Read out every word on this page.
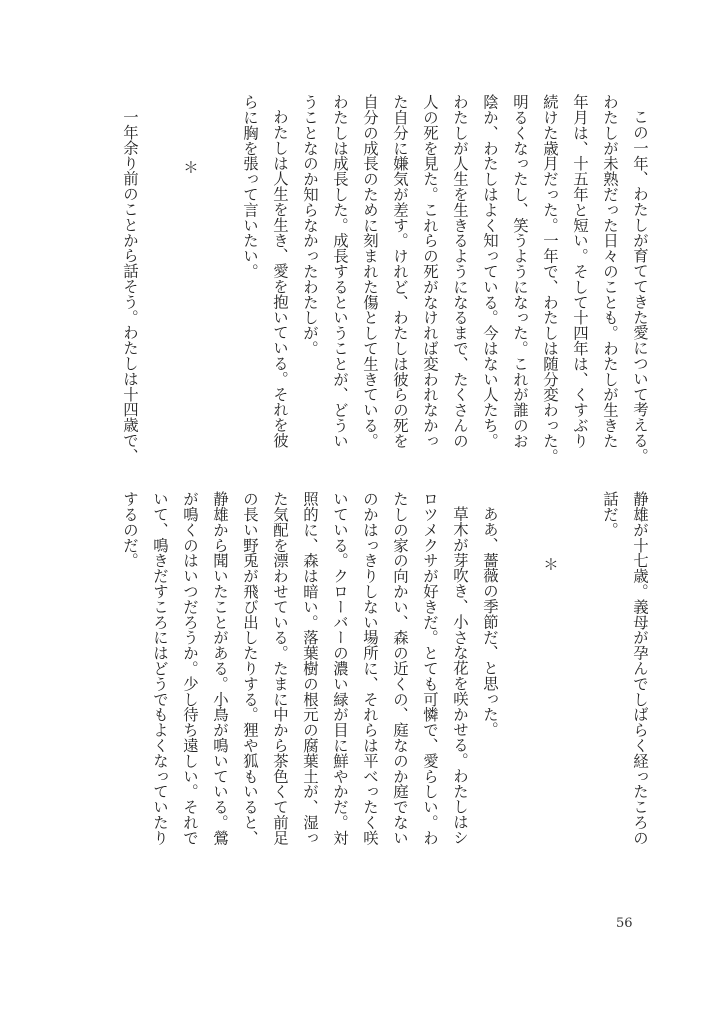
この一年、わたしが育ててきた愛について考える。

わたしが未熟だった日々のことも。わたしが生きた

年月は、十五年と短い。そして十四年は、くすぶり

続けた歳月だった。一年で、わたしは随分変わった。

明るくなったし、笑うようになった。これが誰のお

陰か、わたしはよく知っている。今はない人たち。

わたしが人生を生きるようになるまで、たくさんの

人の死を見た。これらの死がなければ変われなかっ

た自分に嫌気が差す。けれど、わたしは彼らの死を

自分の成長のために刻まれた傷として生きている。

わたしは成長した。成長するということが、どうい

うことなのか知らなかったわたしが。

わたしは人生を生き、愛を抱いている。それを彼

らに胸を張って言いたい。

＊

一年余り前のことから話そう。わたしは十四歳で、

静雄が十七歳。義母が孕んでしばらく経ったころの

話だ。

＊

ああ、薔薇の季節だ、と思った。

草木が芽吹き、小さな花を咲かせる。わたしはシ

ロツメクサが好きだ。とても可憐で、愛らしい。わ

たしの家の向かい、森の近くの、庭なのか庭でない

のかはっきりしない場所に、それらは平べったく咲

いている。クローバーの濃い緑が目に鮮やかだ。対

照的に、森は暗い。落葉樹の根元の腐葉土が、湿っ

た気配を漂わせている。たまに中から茶色くて前足

の長い野兎が飛び出したりする。狸や狐もいると、

静雄から聞いたことがある。小鳥が鳴いている。鶯

が鳴くのはいつだろうか。少し待ち遠しい。それで

いて、鳴きだすころにはどうでもよくなっていたり

するのだ。

56
